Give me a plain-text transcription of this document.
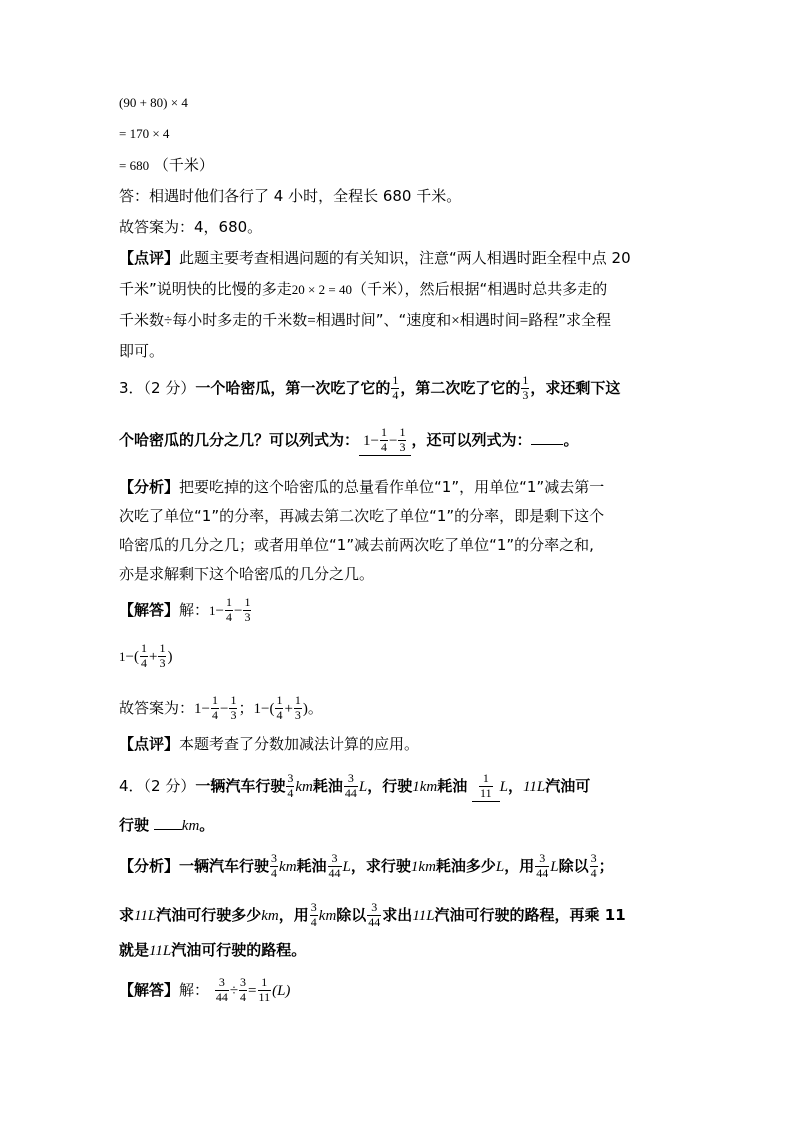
(90 + 80) × 4
= 170 × 4
= 680 （千米）
答：相遇时他们各行了 4 小时，全程长 680 千米。
故答案为：4，680。
【点评】此题主要考查相遇问题的有关知识，注意“两人相遇时距全程中点 20
千米”说明快的比慢的多走20 × 2 = 40（千米），然后根据“相遇时总共多走的
千米数÷每小时多走的千米数=相遇时间”、“速度和×相遇时间=路程”求全程
即可。
3．（2 分）一个哈密瓜，第一次吃了它的 $\frac{1}{4}$ ，第二次吃了它的 $\frac{1}{3}$ ，求还剩下这
个哈密瓜的几分之几？可以列式为： $1- \frac{1}{4} - \frac{1}{3}$ ，还可以列式为： 。
【分析】把要吃掉的这个哈密瓜的总量看作单位“1”，用单位“1”减去第一
次吃了单位“1”的分率，再减去第二次吃了单位“1”的分率，即是剩下这个
哈密瓜的几分之几；或者用单位“1”减去前两次吃了单位“1”的分率之和,
亦是求解剩下这个哈密瓜的几分之几。
【解答】解：$1- \frac{1}{4} - \frac{1}{3}$
$1-( \frac{1}{4} + \frac{1}{3}$ )
故答案为：$1- \frac{1}{4} - \frac{1}{3}$ ；$1-( \frac{1}{4} + \frac{1}{3}$ )。
【点评】本题考查了分数加减法计算的应用。
4．（2 分）一辆汽车行驶 $\frac{3}{4}$ km耗油 $\frac{3}{44}$ L，行驶1km耗油 $\frac{1}{11}$ L，11L汽油可
行驶 km。
【分析】一辆汽车行驶 $\frac{3}{4}$ km耗油 $\frac{3}{44}$ L，求行驶1km耗油多少L，用 $\frac{3}{44}$ L除以 $\frac{3}{4}$ ；
求11L汽油可行驶多少km，用 $\frac{3}{4}$ km除以 $\frac{3}{44}$ 求出11L汽油可行驶的路程，再乘 11
就是11L汽油可行驶的路程。
【解答】解： $\frac{3}{44} \div \frac{3}{4} = \frac{1}{11} (L)$
